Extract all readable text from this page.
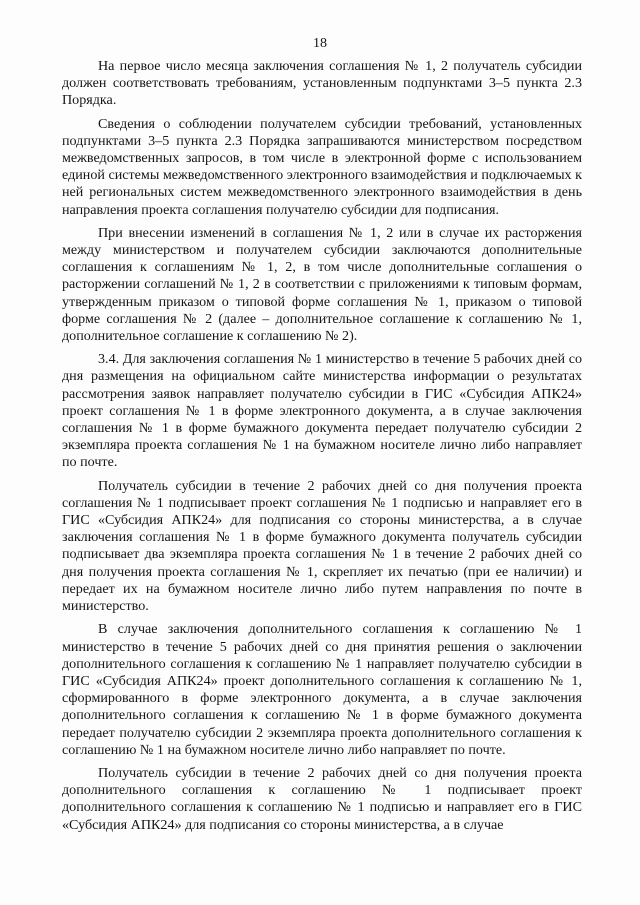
18

На первое число месяца заключения соглашения № 1, 2 получатель субсидии должен соответствовать требованиям, установленным подпунктами 3–5 пункта 2.3 Порядка.

Сведения о соблюдении получателем субсидии требований, установленных подпунктами 3–5 пункта 2.3 Порядка запрашиваются министерством посредством межведомственных запросов, в том числе в электронной форме с использованием единой системы межведомственного электронного взаимодействия и подключаемых к ней региональных систем межведомственного электронного взаимодействия в день направления проекта соглашения получателю субсидии для подписания.

При внесении изменений в соглашения № 1, 2 или в случае их расторжения между министерством и получателем субсидии заключаются дополнительные соглашения к соглашениям № 1, 2, в том числе дополнительные соглашения о расторжении соглашений № 1, 2 в соответствии с приложениями к типовым формам, утвержденным приказом о типовой форме соглашения № 1, приказом о типовой форме соглашения № 2 (далее – дополнительное соглашение к соглашению № 1, дополнительное соглашение к соглашению № 2).

3.4. Для заключения соглашения № 1 министерство в течение 5 рабочих дней со дня размещения на официальном сайте министерства информации о результатах рассмотрения заявок направляет получателю субсидии в ГИС «Субсидия АПК24» проект соглашения № 1 в форме электронного документа, а в случае заключения соглашения № 1 в форме бумажного документа передает получателю субсидии 2 экземпляра проекта соглашения № 1 на бумажном носителе лично либо направляет по почте.

Получатель субсидии в течение 2 рабочих дней со дня получения проекта соглашения № 1 подписывает проект соглашения № 1 подписью и направляет его в ГИС «Субсидия АПК24» для подписания со стороны министерства, а в случае заключения соглашения № 1 в форме бумажного документа получатель субсидии подписывает два экземпляра проекта соглашения № 1 в течение 2 рабочих дней со дня получения проекта соглашения № 1, скрепляет их печатью (при ее наличии) и передает их на бумажном носителе лично либо путем направления по почте в министерство.

В случае заключения дополнительного соглашения к соглашению № 1 министерство в течение 5 рабочих дней со дня принятия решения о заключении дополнительного соглашения к соглашению № 1 направляет получателю субсидии в ГИС «Субсидия АПК24» проект дополнительного соглашения к соглашению № 1, сформированного в форме электронного документа, а в случае заключения дополнительного соглашения к соглашению № 1 в форме бумажного документа передает получателю субсидии 2 экземпляра проекта дополнительного соглашения к соглашению № 1 на бумажном носителе лично либо направляет по почте.

Получатель субсидии в течение 2 рабочих дней со дня получения проекта дополнительного соглашения к соглашению № 1 подписывает проект дополнительного соглашения к соглашению № 1 подписью и направляет его в ГИС «Субсидия АПК24» для подписания со стороны министерства, а в случае
